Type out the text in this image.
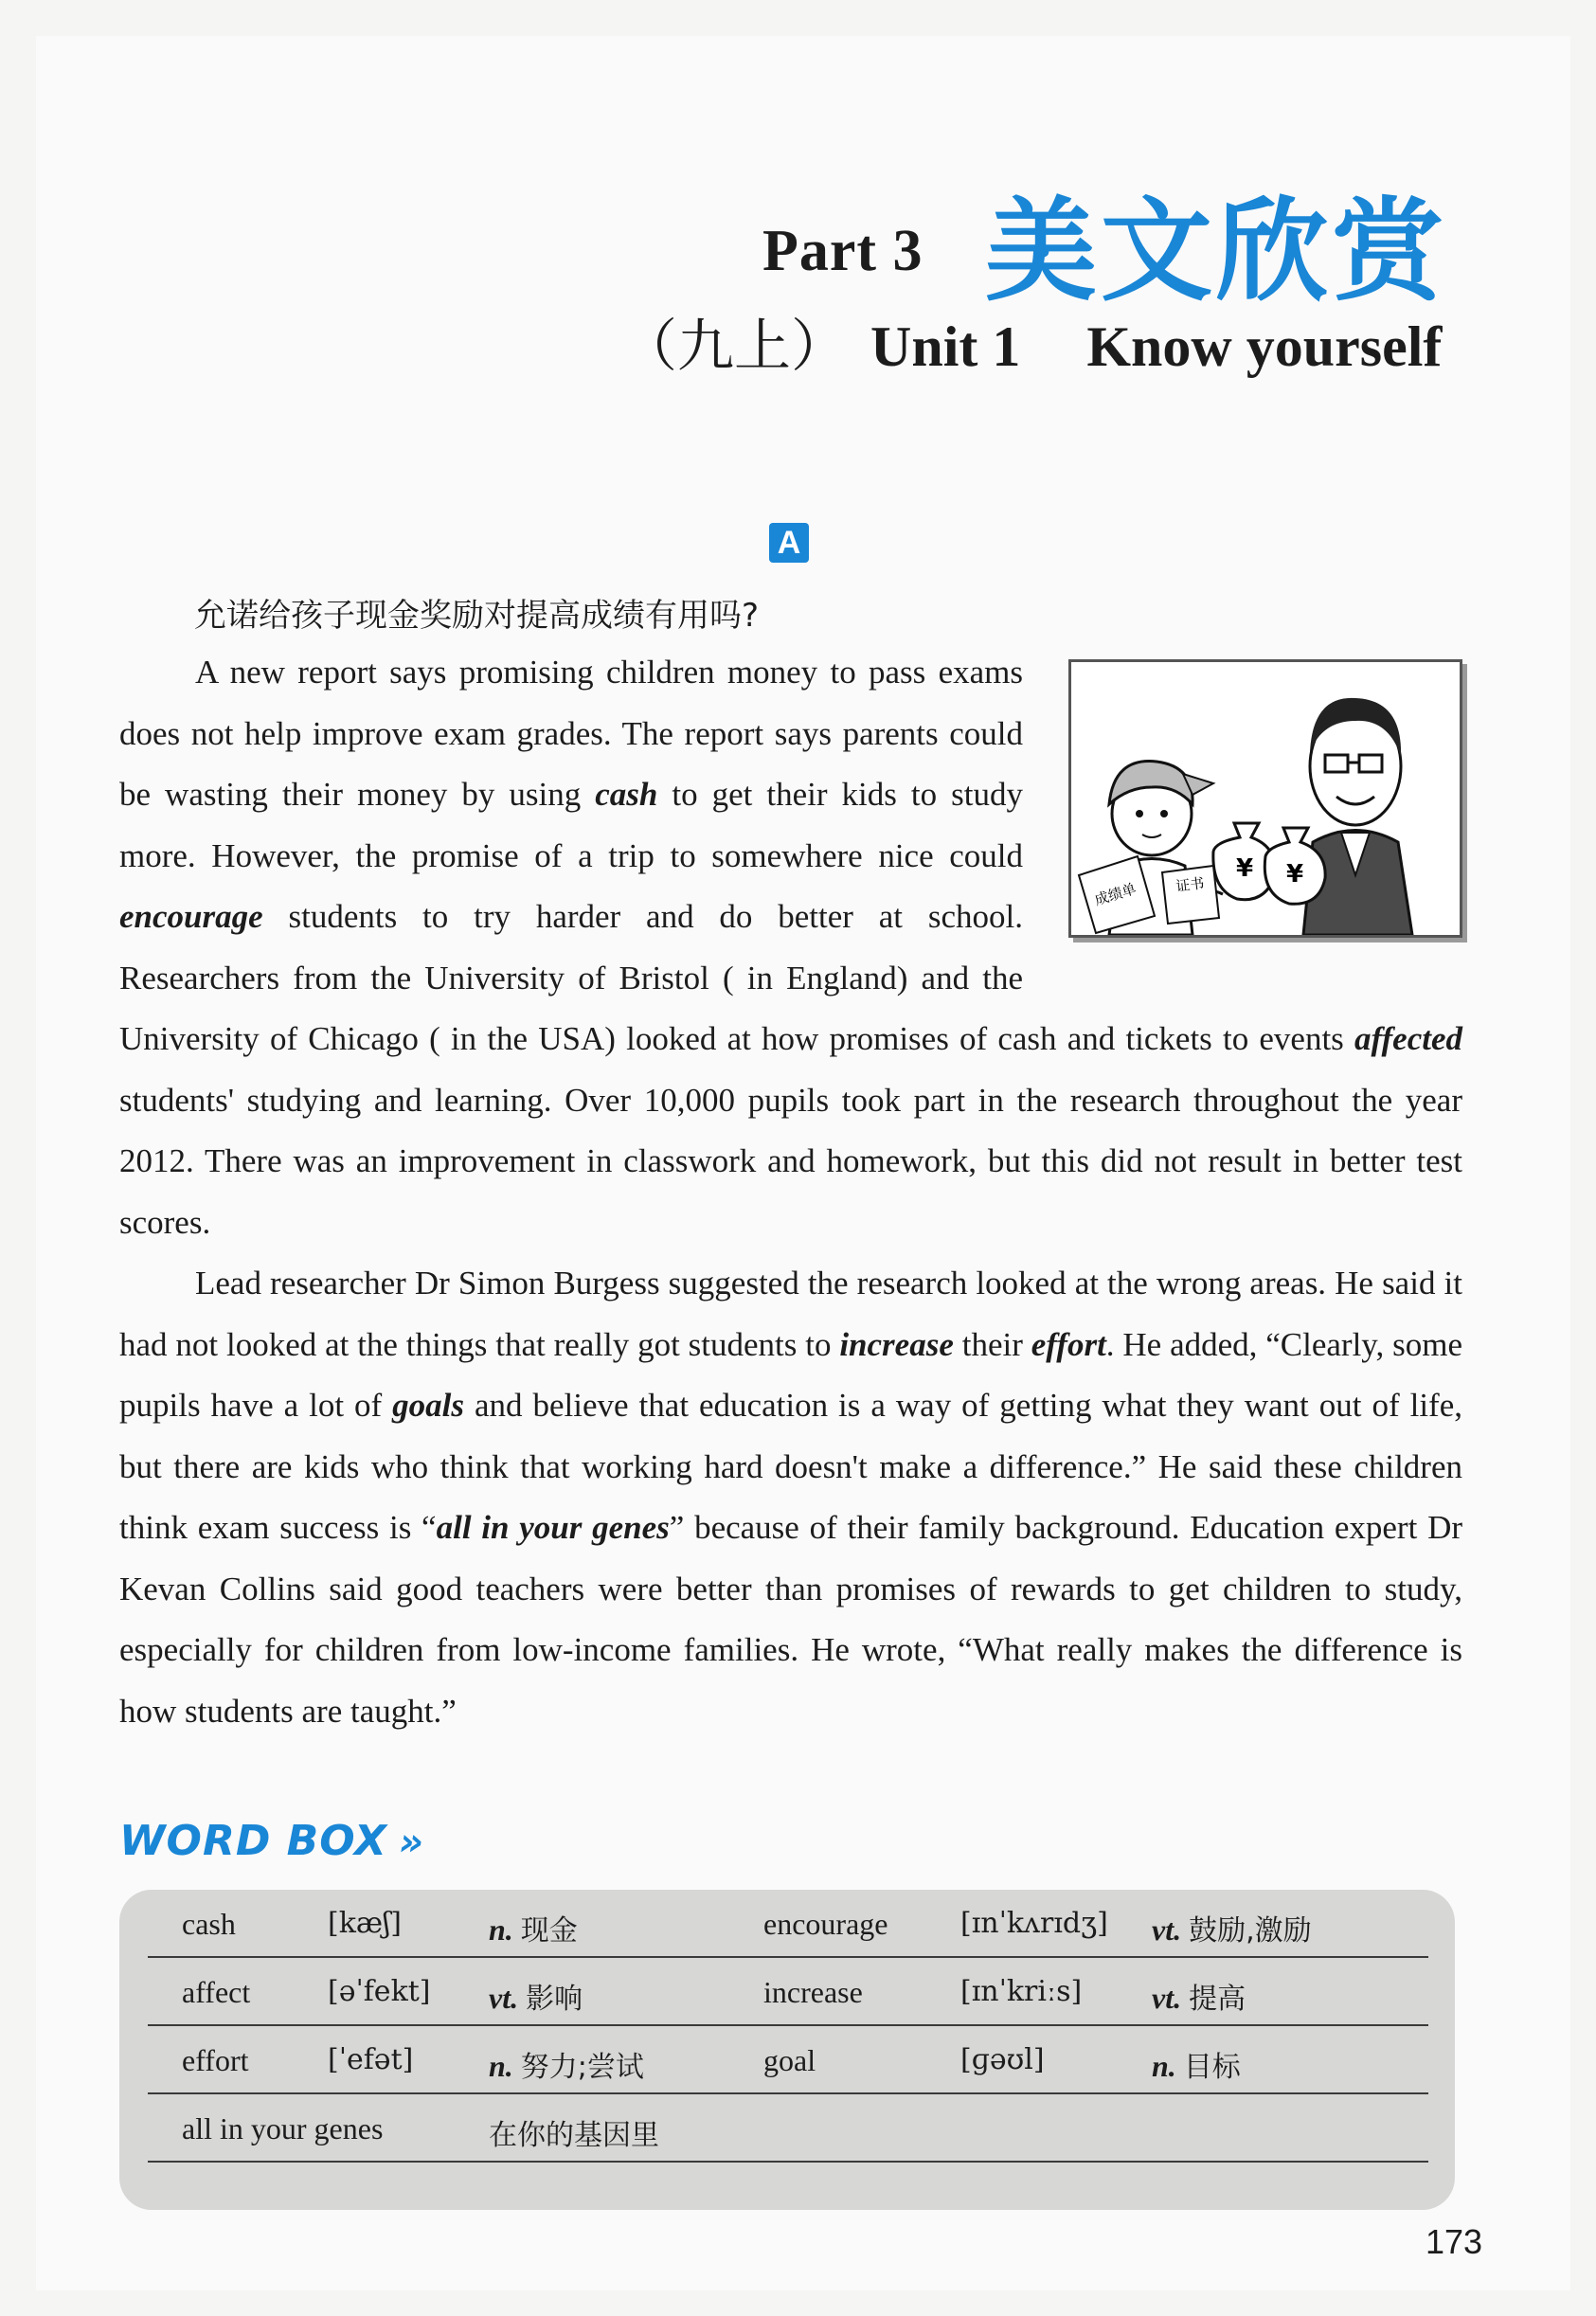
Part 3 美文欣赏
（九上） Unit 1 Know yourself
A
允诺给孩子现金奖励对提高成绩有用吗?
¥ ¥
成绩单	证书

A new report says promising children money to pass exams does not help improve exam grades. The report says parents could be wasting their money by using cash to get their kids to study more. However, the promise of a trip to somewhere nice could encourage students to try harder and do better at school. Researchers from the University of Bristol ( in England) and the University of Chicago ( in the USA) looked at how promises of cash and tickets to events affected students' studying and learning. Over 10,000 pupils took part in the research throughout the year 2012. There was an improvement in classwork and homework, but this did not result in better test scores.

Lead researcher Dr Simon Burgess suggested the research looked at the wrong areas. He said it had not looked at the things that really got students to increase their effort. He added, “Clearly, some pupils have a lot of goals and believe that education is a way of getting what they want out of life, but there are kids who think that working hard doesn't make a difference.” He said these children think exam success is “all in your genes” because of their family background. Education expert Dr Kevan Collins said good teachers were better than promises of rewards to get children to study, especially for children from low-income families. He wrote, “What really makes the difference is how students are taught.”

WORD BOX »
cash	[kæʃ]	n. 现金	encourage	[ɪnˈkʌrɪdʒ] vt. 鼓励,激励
affect	[əˈfekt] vt. 影响	increase	[ɪnˈkriːs] vt. 提高
effort	[ˈefət] n. 努力;尝试	goal	[ɡəʊl]	n. 目标
all in your genes	在你的基因里
173
